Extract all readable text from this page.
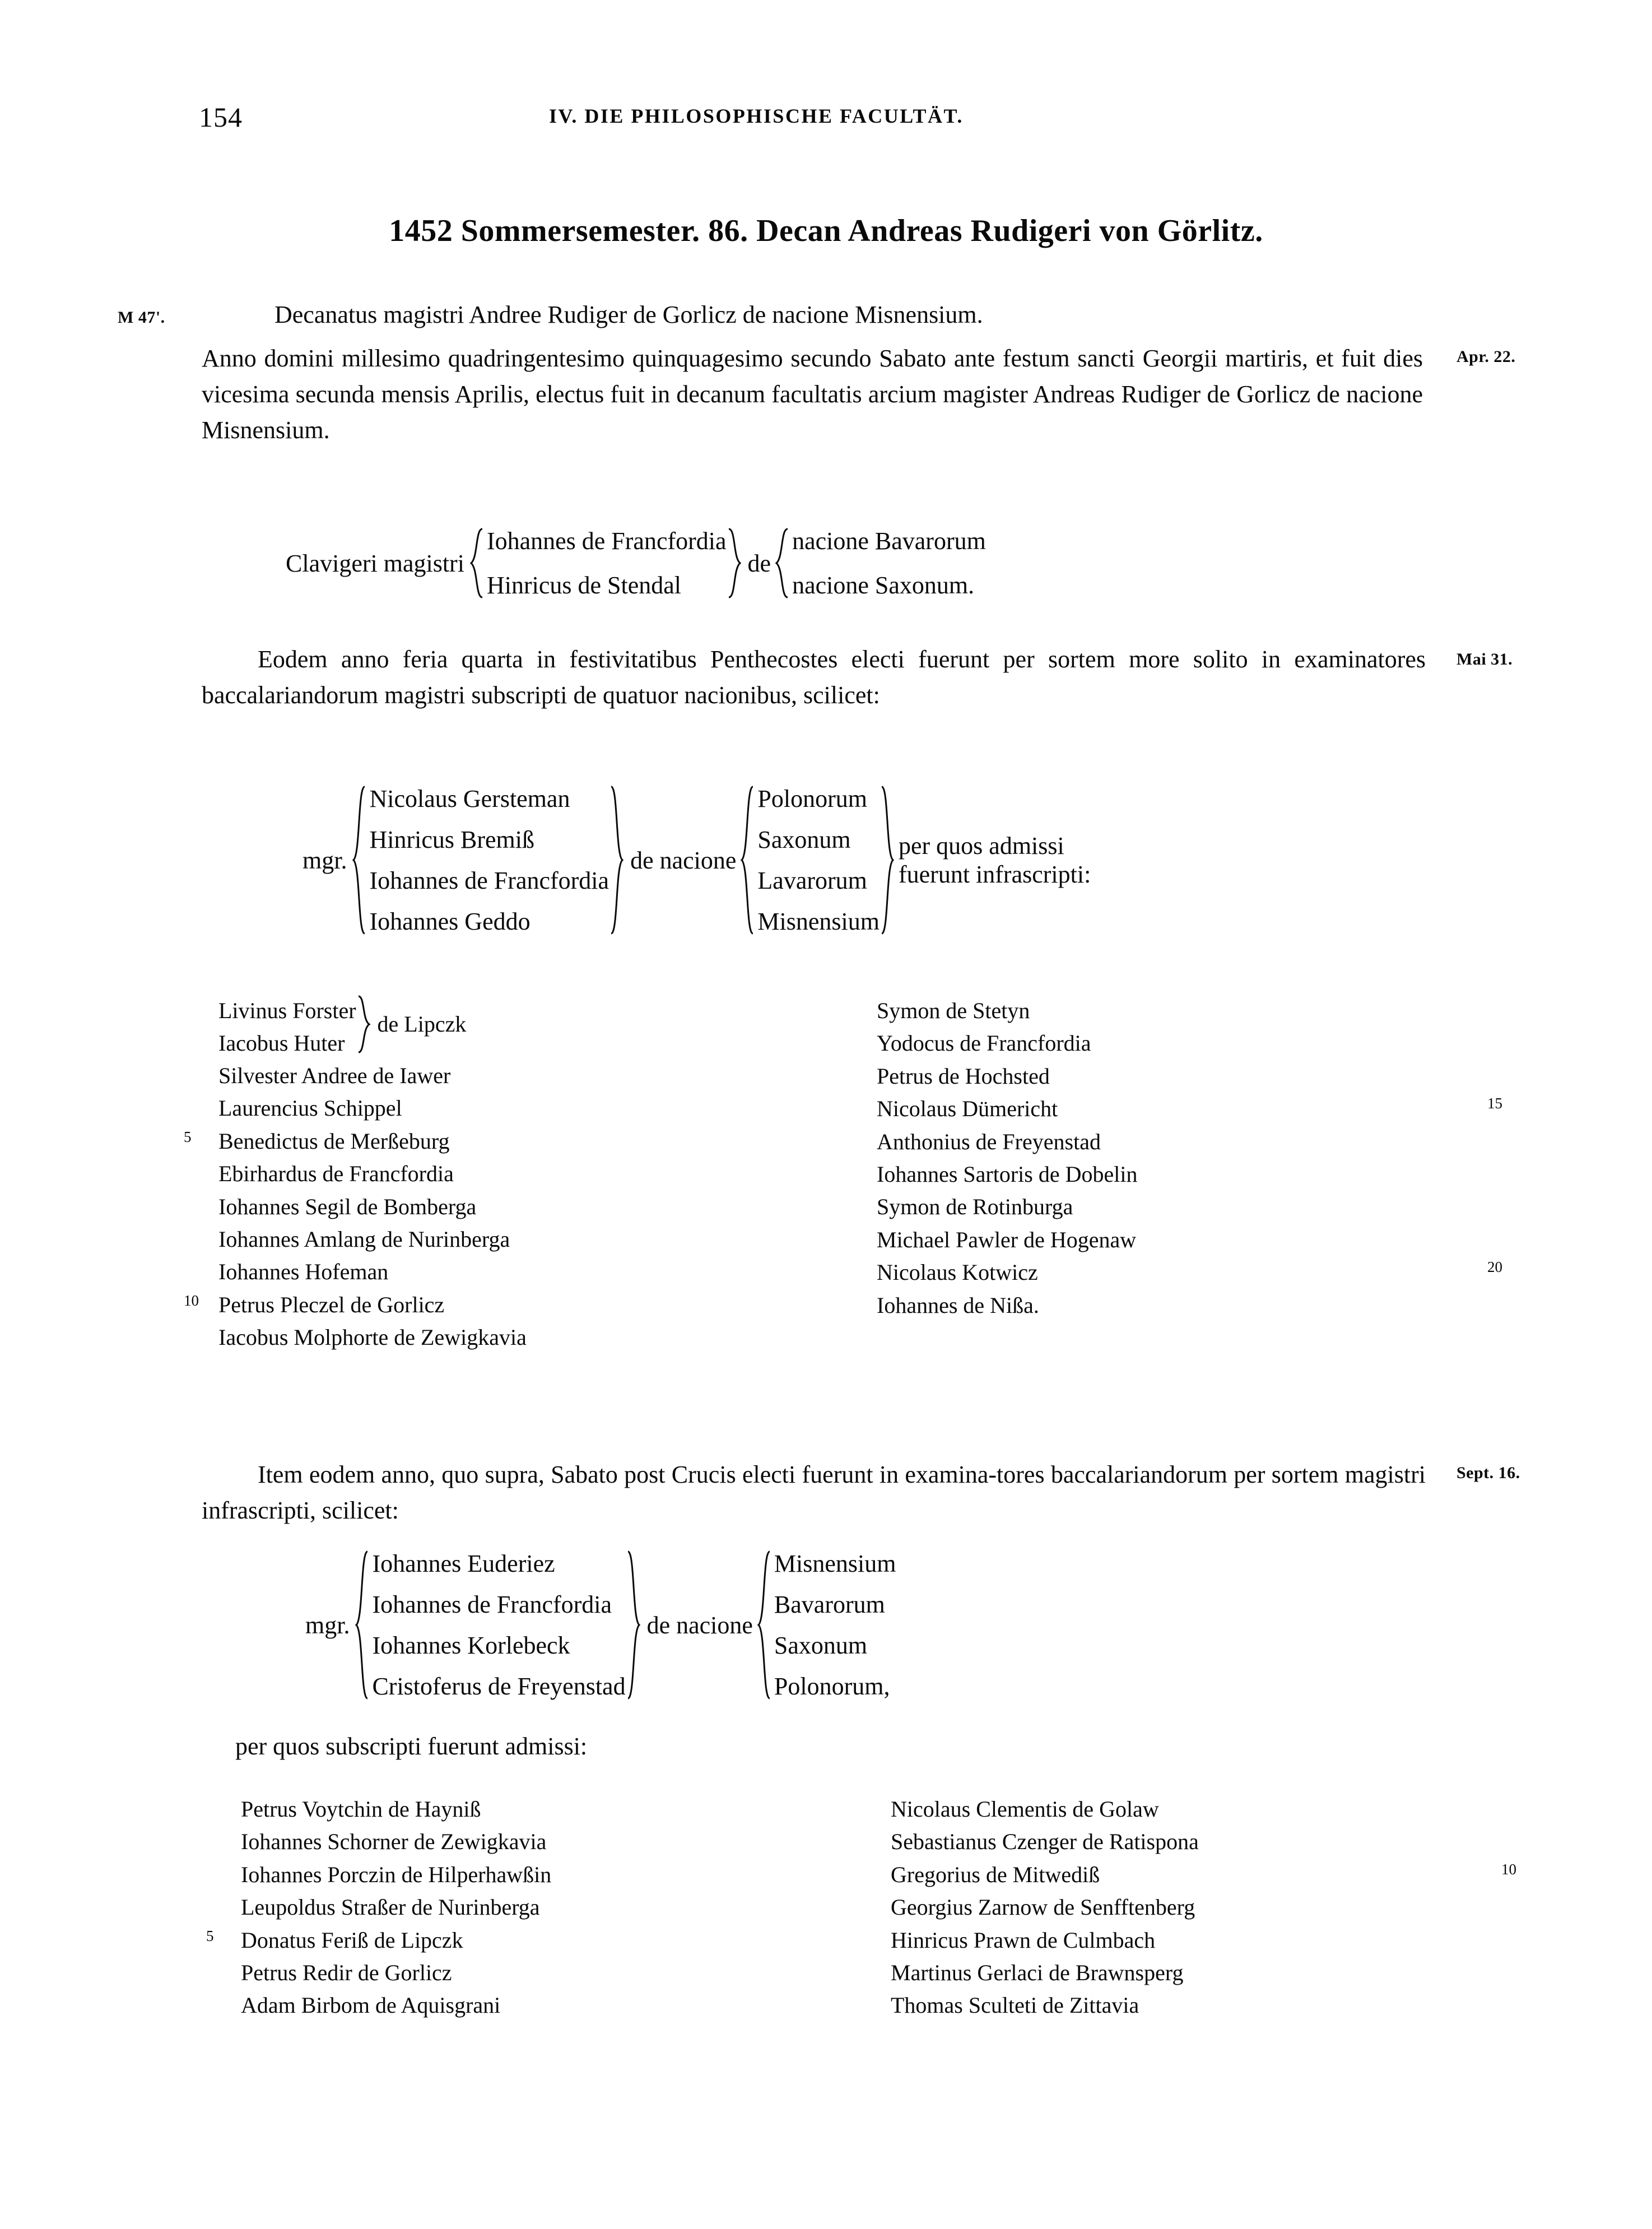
154	IV. DIE PHILOSOPHISCHE FACULTÄT.
1452 Sommersemester. 86. Decan Andreas Rudigeri von Görlitz.
M 47'.	Decanatus magistri Andree Rudiger de Gorlicz de nacione Misnensium.
Anno domini millesimo quadringentesimo quinquagesimo secundo Sabato ante festum sancti Georgii martiris, et fuit dies vicesima secunda mensis Aprilis, electus fuit in decanum facultatis arcium magister Andreas Rudiger de Gorlicz de nacione Misnensium.
Apr. 22.
Clavigeri magistri
Iohannes de Francfordia
Hinricus de Stendal
de
nacione Bavarorum
nacione Saxonum.
Eodem anno feria quarta in festivitatibus Penthecostes electi fuerunt per sortem more solito in examinatores baccalariandorum magistri subscripti de quatuor nacionibus, scilicet:
Mai 31.
mgr.
Nicolaus Gersteman
Hinricus Bremiß
Iohannes de Francfordia
Iohannes Geddo
de nacione
Polonorum
Saxonum
Lavarorum
Misnensium
per quos admissi
fuerunt infrascripti:
Livinus Forster
Iacobus Huter
de Lipczk
Silvester Andree de Iawer
Laurencius Schippel
5 Benedictus de Merßeburg
Ebirhardus de Francfordia
Iohannes Segil de Bomberga
Iohannes Amlang de Nurinberga
Iohannes Hofeman
10 Petrus Pleczel de Gorlicz
Iacobus Molphorte de Zewigkavia
Symon de Stetyn
Yodocus de Francfordia
Petrus de Hochsted
Nicolaus Dümericht	15
Anthonius de Freyenstad
Iohannes Sartoris de Dobelin
Symon de Rotinburga
Michael Pawler de Hogenaw
Nicolaus Kotwicz	20
Iohannes de Nißa.
Item eodem anno, quo supra, Sabato post Crucis electi fuerunt in examina-tores baccalariandorum per sortem magistri infrascripti, scilicet:
Sept. 16.
mgr.
Iohannes Euderiez
Iohannes de Francfordia
Iohannes Korlebeck
Cristoferus de Freyenstad
de nacione
Misnensium
Bavarorum
Saxonum
Polonorum,
per quos subscripti fuerunt admissi:
Petrus Voytchin de Hayniß
Iohannes Schorner de Zewigkavia
Iohannes Porczin de Hilperhawßin
Leupoldus Straßer de Nurinberga
5 Donatus Feriß de Lipczk
Petrus Redir de Gorlicz
Adam Birbom de Aquisgrani
Nicolaus Clementis de Golaw
Sebastianus Czenger de Ratispona
Gregorius de Mitwediß	10
Georgius Zarnow de Senfftenberg
Hinricus Prawn de Culmbach
Martinus Gerlaci de Brawnsperg
Thomas Sculteti de Zittavia
